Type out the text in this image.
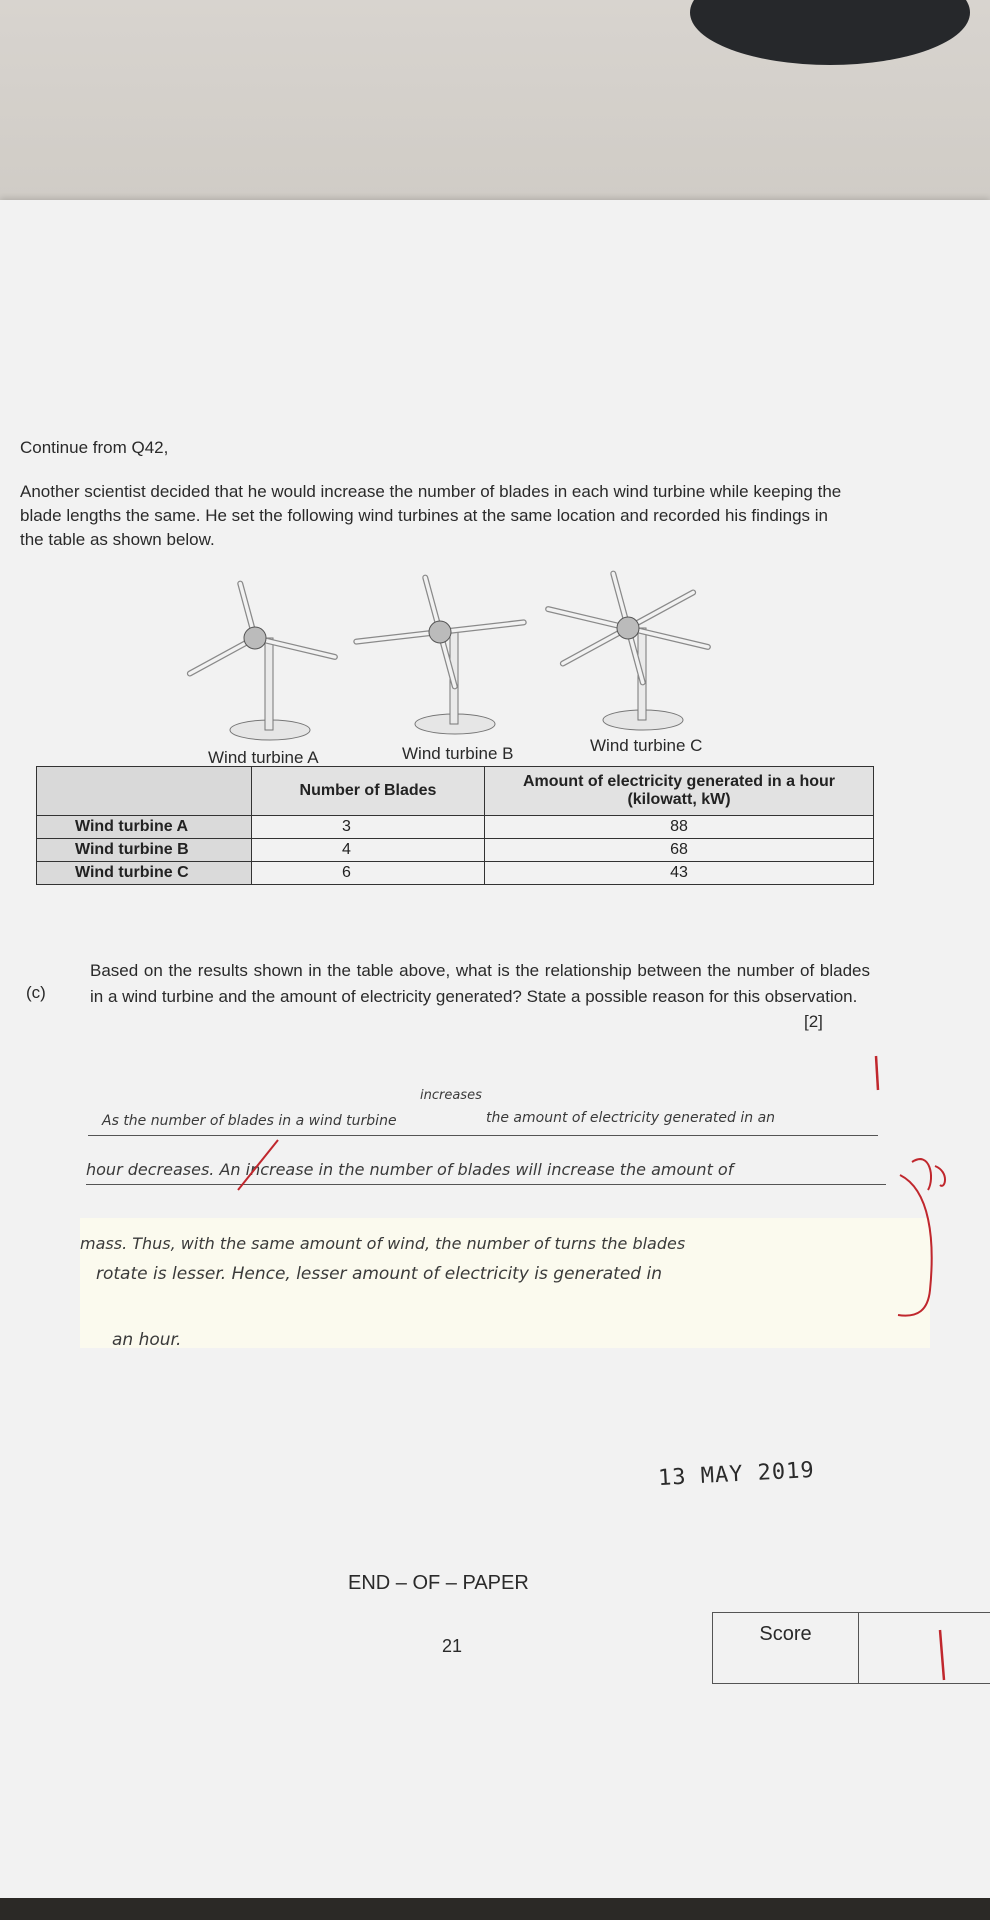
Continue from Q42,
Another scientist decided that he would increase the number of blades in each wind turbine while keeping the blade lengths the same. He set the following wind turbines at the same location and recorded his findings in the table as shown below.
Wind turbine A	Wind turbine B	Wind turbine C
	Number of Blades	Amount of electricity generated in a hour (kilowatt, kW)
Wind turbine A	3	88
Wind turbine B	4	68
Wind turbine C	6	43
(c)
Based on the results shown in the table above, what is the relationship between the number of blades in a wind turbine and the amount of electricity generated? State a possible reason for this observation.
[2]
increases
As the number of blades in a wind turbine	the amount of electricity generated in an
hour decreases. An increase in the number of blades will increase the amount of
mass. Thus, with the same amount of wind, the number of turns the blades
rotate is lesser. Hence, lesser amount of electricity is generated in
an hour.
13 MAY 2019
END – OF – PAPER
21
Score
